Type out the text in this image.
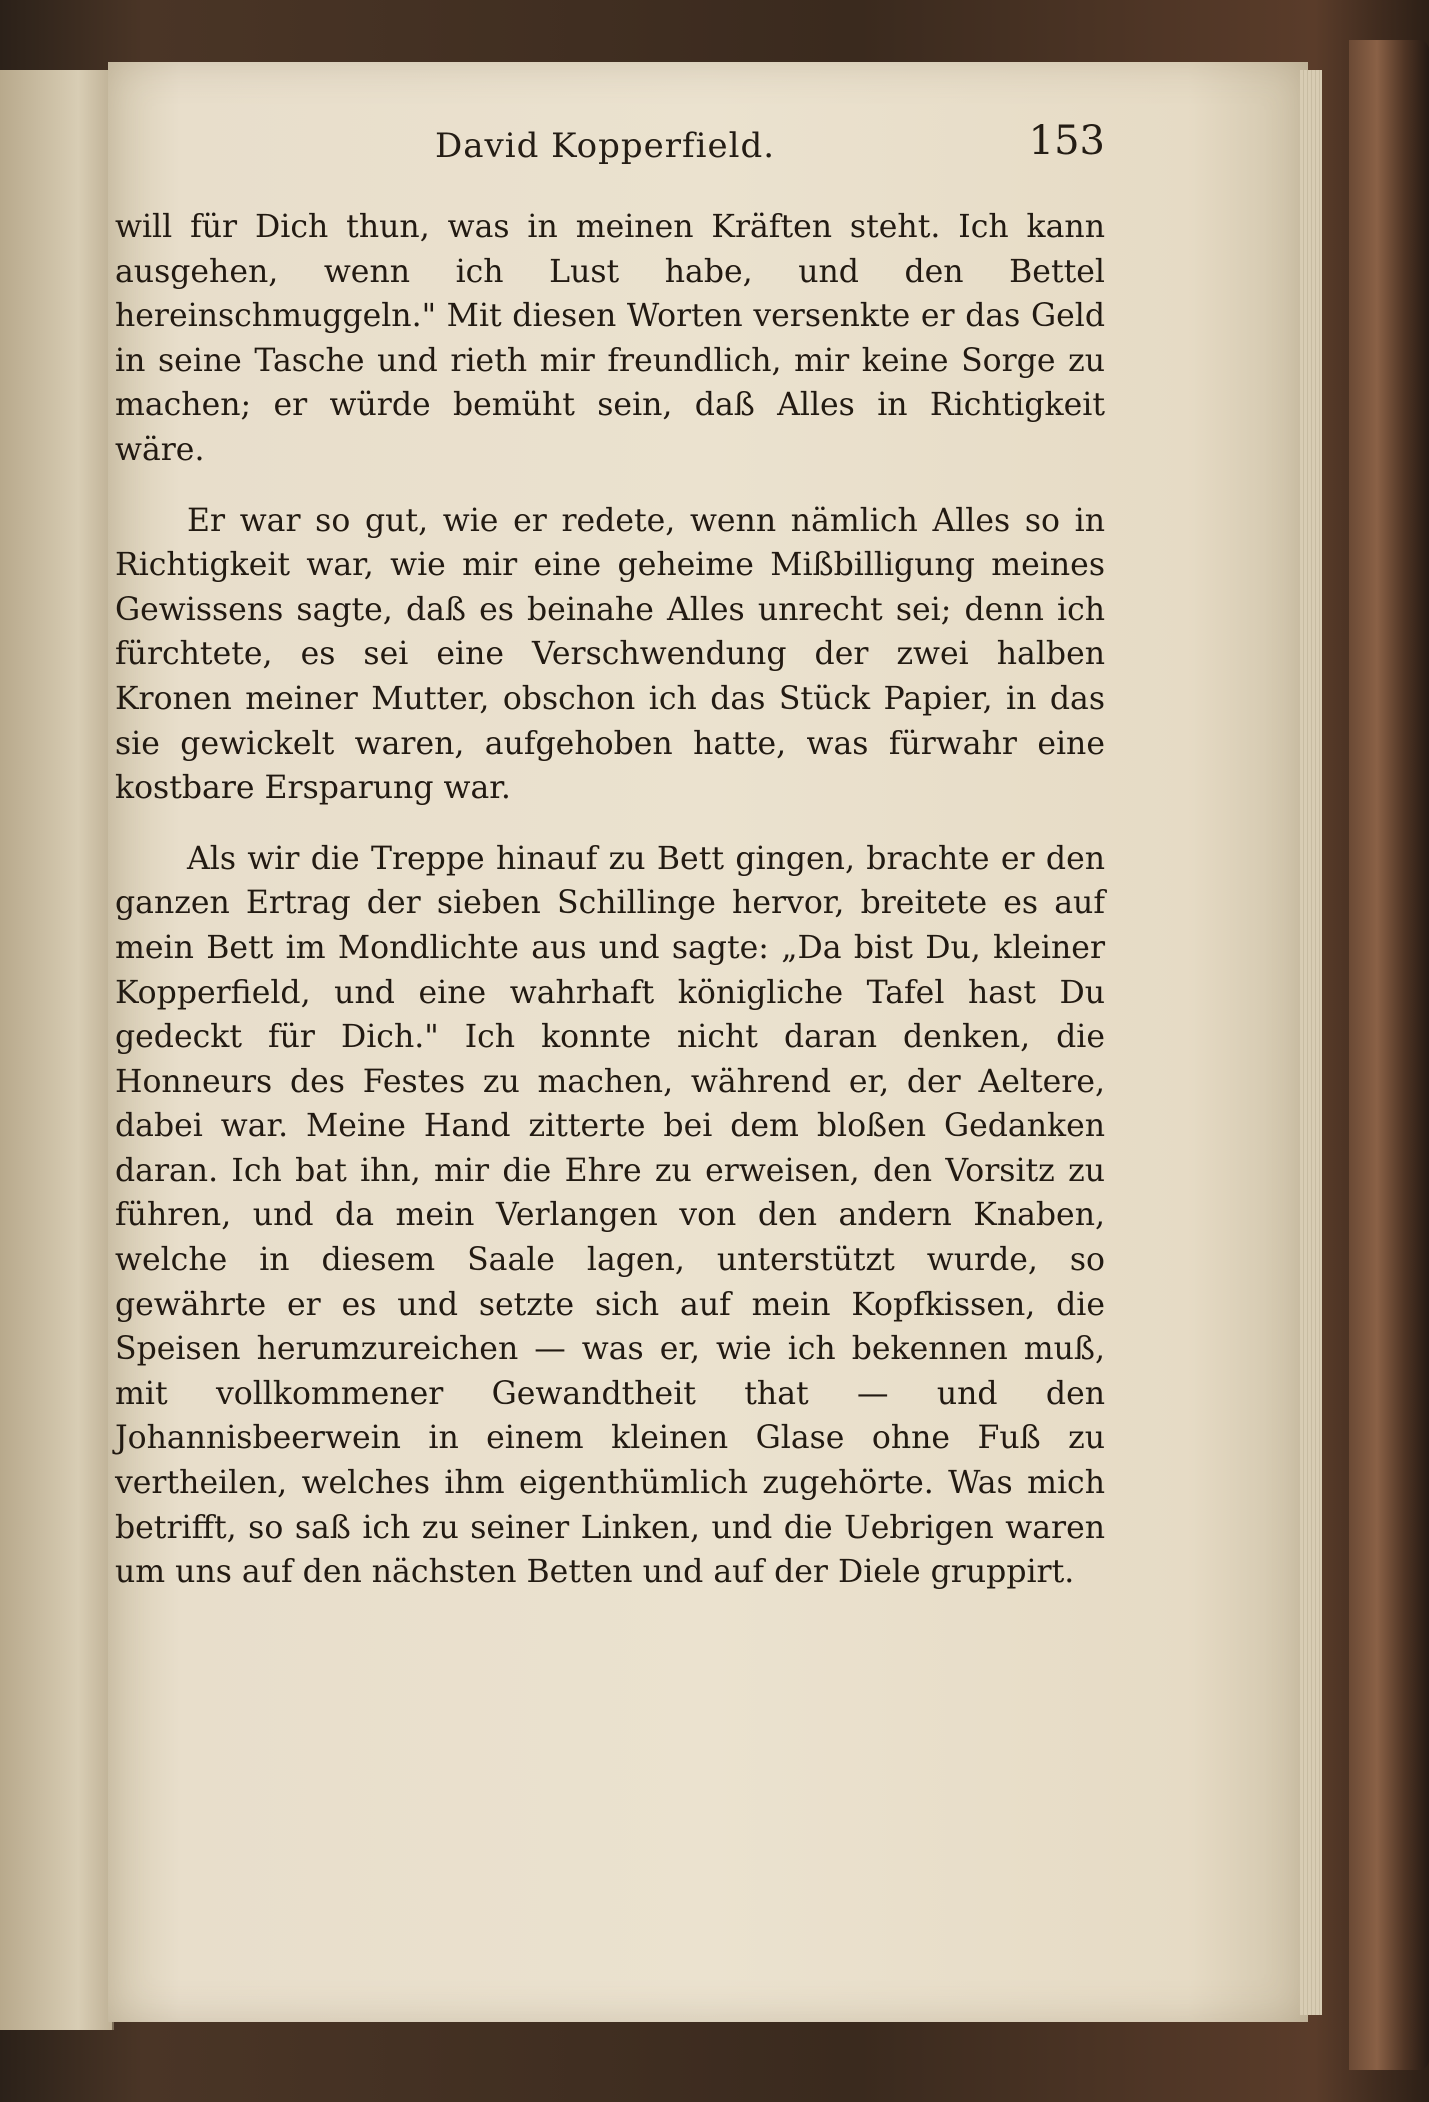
David Kopperfield.	153

will für Dich thun, was in meinen Kräften steht. Ich kann ausgehen, wenn ich Lust habe, und den Bettel hereinschmuggeln." Mit diesen Worten versenkte er das Geld in seine Tasche und rieth mir freundlich, mir keine Sorge zu machen; er würde bemüht sein, daß Alles in Richtigkeit wäre.

Er war so gut, wie er redete, wenn nämlich Alles so in Richtigkeit war, wie mir eine geheime Mißbilligung meines Gewissens sagte, daß es beinahe Alles unrecht sei; denn ich fürchtete, es sei eine Verschwendung der zwei halben Kronen meiner Mutter, obschon ich das Stück Papier, in das sie gewickelt waren, aufgehoben hatte, was fürwahr eine kostbare Ersparung war.

Als wir die Treppe hinauf zu Bett gingen, brachte er den ganzen Ertrag der sieben Schillinge hervor, breitete es auf mein Bett im Mondlichte aus und sagte: „Da bist Du, kleiner Kopperfield, und eine wahrhaft königliche Tafel hast Du gedeckt für Dich." Ich konnte nicht daran denken, die Honneurs des Festes zu machen, während er, der Aeltere, dabei war. Meine Hand zitterte bei dem bloßen Gedanken daran. Ich bat ihn, mir die Ehre zu erweisen, den Vorsitz zu führen, und da mein Verlangen von den andern Knaben, welche in diesem Saale lagen, unterstützt wurde, so gewährte er es und setzte sich auf mein Kopfkissen, die Speisen herumzureichen — was er, wie ich bekennen muß, mit vollkommener Gewandtheit that — und den Johannisbeerwein in einem kleinen Glase ohne Fuß zu vertheilen, welches ihm eigenthümlich zugehörte. Was mich betrifft, so saß ich zu seiner Linken, und die Uebrigen waren um uns auf den nächsten Betten und auf der Diele gruppirt.
